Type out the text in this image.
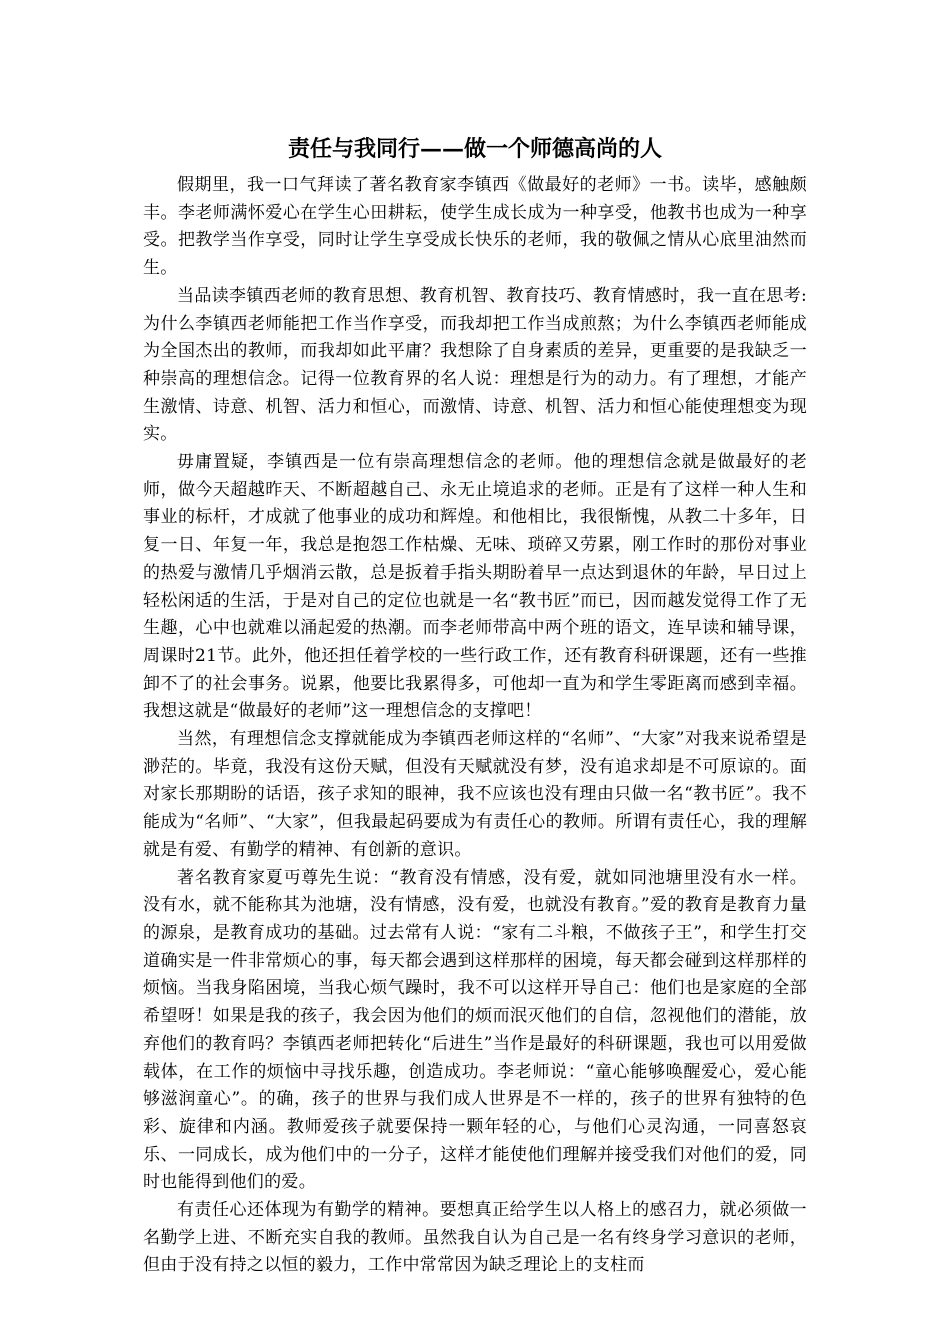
责任与我同行——做一个师德高尚的人

假期里，我一口气拜读了著名教育家李镇西《做最好的老师》一书。读毕，感触颇丰。李老师满怀爱心在学生心田耕耘，使学生成长成为一种享受，他教书也成为一种享受。把教学当作享受，同时让学生享受成长快乐的老师，我的敬佩之情从心底里油然而生。

当品读李镇西老师的教育思想、教育机智、教育技巧、教育情感时，我一直在思考:为什么李镇西老师能把工作当作享受，而我却把工作当成煎熬；为什么李镇西老师能成为全国杰出的教师，而我却如此平庸？我想除了自身素质的差异，更重要的是我缺乏一种崇高的理想信念。记得一位教育界的名人说：理想是行为的动力。有了理想，才能产生激情、诗意、机智、活力和恒心，而激情、诗意、机智、活力和恒心能使理想变为现实。

毋庸置疑，李镇西是一位有崇高理想信念的老师。他的理想信念就是做最好的老师，做今天超越昨天、不断超越自己、永无止境追求的老师。正是有了这样一种人生和事业的标杆，才成就了他事业的成功和辉煌。和他相比，我很惭愧，从教二十多年，日复一日、年复一年，我总是抱怨工作枯燥、无味、琐碎又劳累，刚工作时的那份对事业的热爱与激情几乎烟消云散，总是扳着手指头期盼着早一点达到退休的年龄，早日过上轻松闲适的生活，于是对自己的定位也就是一名“教书匠”而已，因而越发觉得工作了无生趣，心中也就难以涌起爱的热潮。而李老师带高中两个班的语文，连早读和辅导课，周课时21节。此外，他还担任着学校的一些行政工作，还有教育科研课题，还有一些推卸不了的社会事务。说累，他要比我累得多，可他却一直为和学生零距离而感到幸福。我想这就是“做最好的老师”这一理想信念的支撑吧！

当然，有理想信念支撑就能成为李镇西老师这样的“名师”、“大家”对我来说希望是渺茫的。毕竟，我没有这份天赋，但没有天赋就没有梦，没有追求却是不可原谅的。面对家长那期盼的话语，孩子求知的眼神，我不应该也没有理由只做一名“教书匠”。我不能成为“名师”、“大家”，但我最起码要成为有责任心的教师。所谓有责任心，我的理解就是有爱、有勤学的精神、有创新的意识。

著名教育家夏丏尊先生说：“教育没有情感，没有爱，就如同池塘里没有水一样。没有水，就不能称其为池塘，没有情感，没有爱，也就没有教育。”爱的教育是教育力量的源泉，是教育成功的基础。过去常有人说：“家有二斗粮，不做孩子王”，和学生打交道确实是一件非常烦心的事，每天都会遇到这样那样的困境，每天都会碰到这样那样的烦恼。当我身陷困境，当我心烦气躁时，我不可以这样开导自己：他们也是家庭的全部希望呀！如果是我的孩子，我会因为他们的烦而泯灭他们的自信，忽视他们的潜能，放弃他们的教育吗？李镇西老师把转化“后进生”当作是最好的科研课题，我也可以用爱做载体，在工作的烦恼中寻找乐趣，创造成功。李老师说：“童心能够唤醒爱心，爱心能够滋润童心”。的确，孩子的世界与我们成人世界是不一样的，孩子的世界有独特的色彩、旋律和内涵。教师爱孩子就要保持一颗年轻的心，与他们心灵沟通，一同喜怒哀乐、一同成长，成为他们中的一分子，这样才能使他们理解并接受我们对他们的爱，同时也能得到他们的爱。

有责任心还体现为有勤学的精神。要想真正给学生以人格上的感召力，就必须做一名勤学上进、不断充实自我的教师。虽然我自认为自己是一名有终身学习意识的老师，但由于没有持之以恒的毅力，工作中常常因为缺乏理论上的支柱而
